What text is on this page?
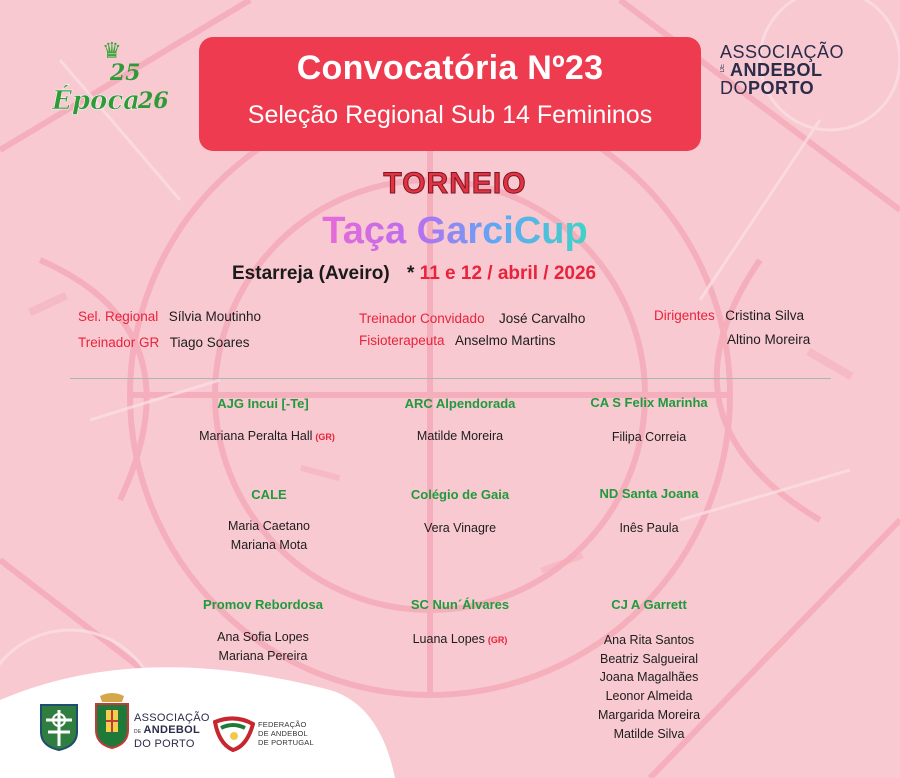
♛
25
Época
26
Convocatória Nº23
Seleção Regional Sub 14 Femininos
ASSOCIAÇÃO
DE ANDEBOL
DOPORTO
TORNEIO
Taça GarciCup
Estarreja (Aveiro) * 11 e 12 / abril / 2026
Sel. Regional Sílvia Moutinho
Treinador GR Tiago Soares
Treinador Convidado José Carvalho
Fisioterapeuta Anselmo Martins
Dirigentes Cristina Silva
Altino Moreira
AJG Incui [-Te]
Mariana Peralta Hall (GR)
ARC Alpendorada
Matilde Moreira
CA S Felix Marinha
Filipa Correia
CALE
Maria Caetano
Mariana Mota
Colégio de Gaia
Vera Vinagre
ND Santa Joana
Inês Paula
Promov Rebordosa
Ana Sofia Lopes
Mariana Pereira
SC Nun´Álvares
Luana Lopes (GR)
CJ A Garrett
Ana Rita Santos
Beatriz Salgueiral
Joana Magalhães
Leonor Almeida
Margarida Moreira
Matilde Silva
ASSOCIAÇÃO
DE ANDEBOL
DO PORTO
FEDERAÇÃO
DE ANDEBOL
DE PORTUGAL
